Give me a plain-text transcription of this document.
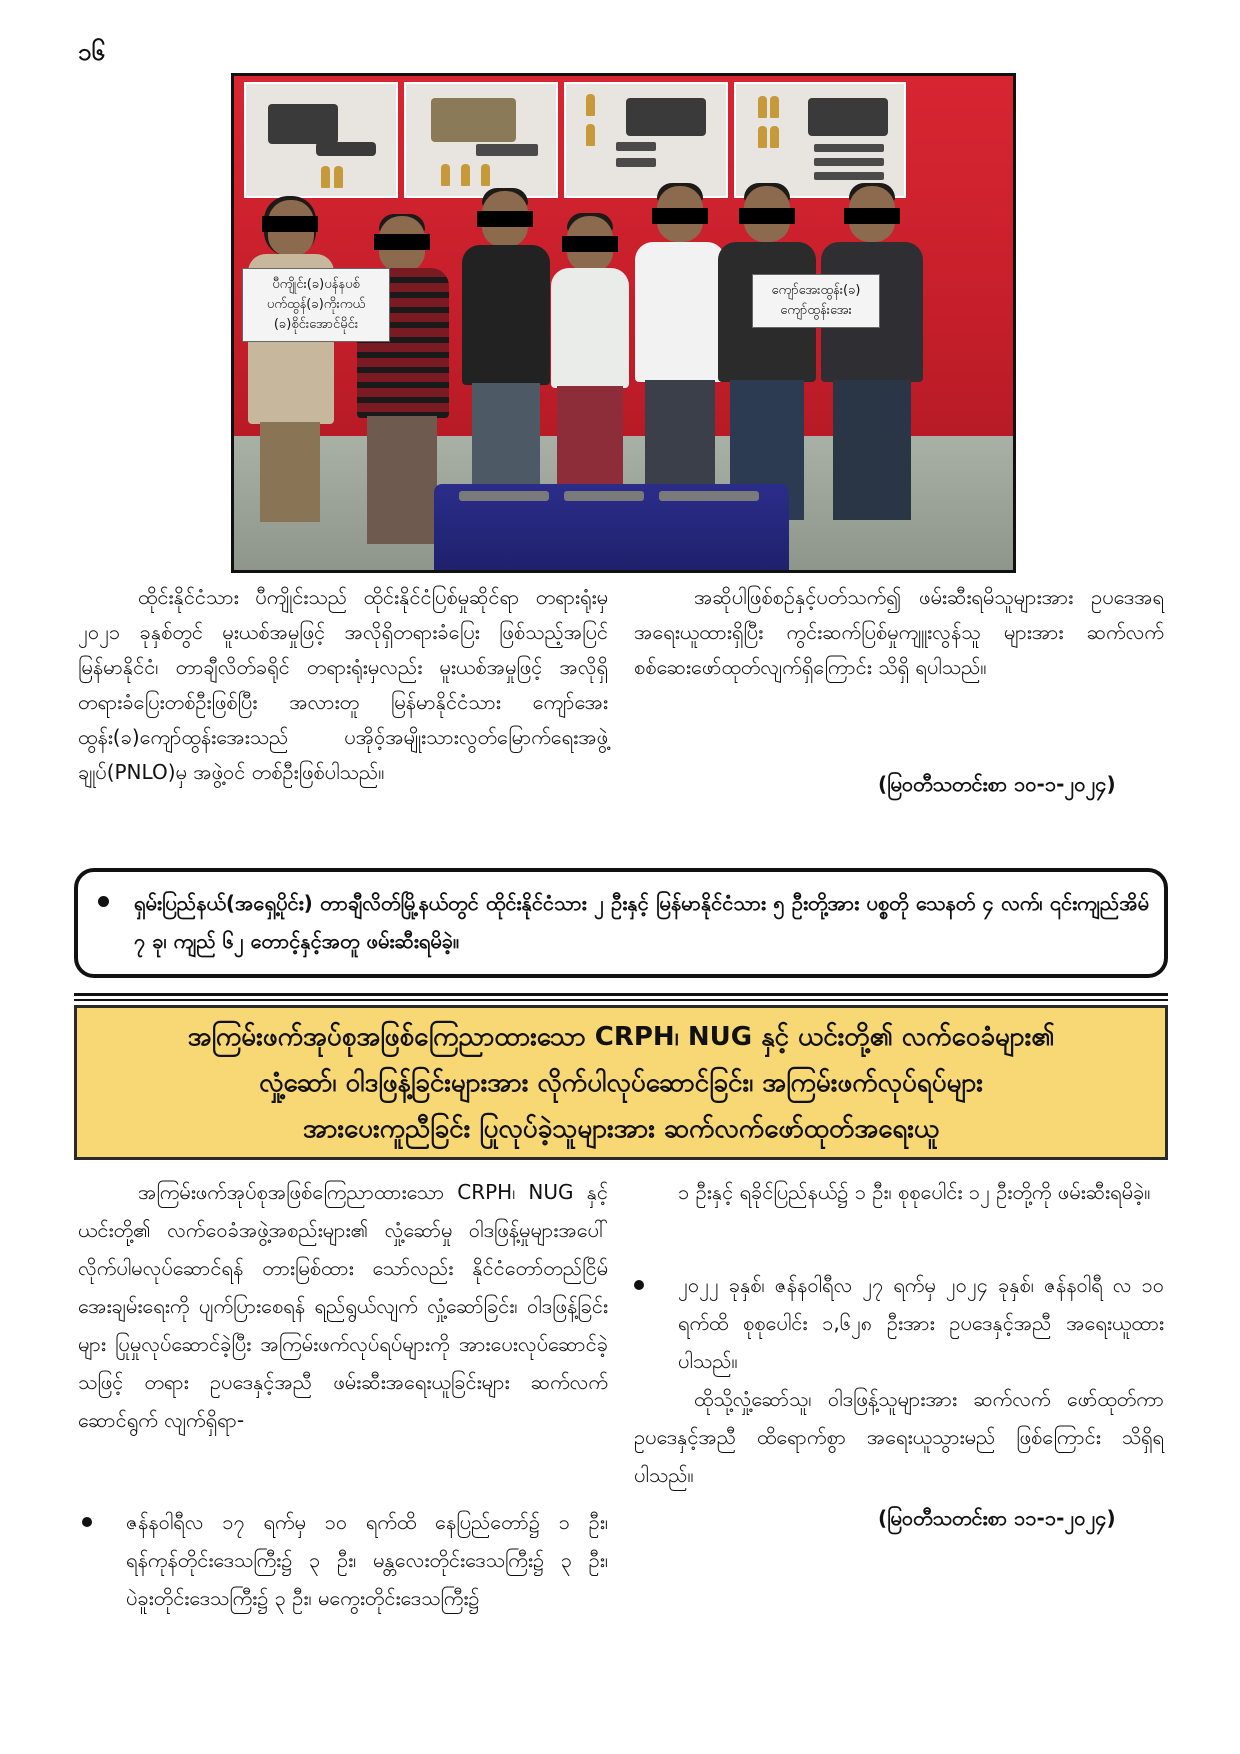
၁၆
ပီကျိုင်း(ခ)ပန်နပစ်
ပက်ထွန်(ခ)ကိုးကယ်
(ခ)စိုင်းအောင်မိုင်း
ကျော်အေးထွန်း(ခ)
ကျော်ထွန်းအေး
ထိုင်းနိုင်ငံသား ပီကျိုင်းသည် ထိုင်းနိုင်ငံပြစ်မှုဆိုင်ရာ တရားရုံးမှ ၂၀၂၁ ခုနှစ်တွင် မူးယစ်အမှုဖြင့် အလိုရှိတရားခံပြေး ဖြစ်သည့်အပြင် မြန်မာနိုင်ငံ၊ တာချီလိတ်ခရိုင် တရားရုံးမှလည်း မူးယစ်အမှုဖြင့် အလိုရှိတရားခံပြေးတစ်ဦးဖြစ်ပြီး အလားတူ မြန်မာနိုင်ငံသား ကျော်အေးထွန်း(ခ)ကျော်ထွန်းအေးသည် ပအိုဝ့်အမျိုးသားလွတ်မြောက်ရေးအဖွဲ့ချုပ်(PNLO)မှ အဖွဲ့ဝင် တစ်ဦးဖြစ်ပါသည်။
အဆိုပါဖြစ်စဉ်နှင့်ပတ်သက်၍ ဖမ်းဆီးရမိသူများအား ဥပဒေအရ အရေးယူထားရှိပြီး ကွင်းဆက်ပြစ်မှုကျူးလွန်သူ များအား ဆက်လက်စစ်ဆေးဖော်ထုတ်လျက်ရှိကြောင်း သိရှိ ရပါသည်။
(မြဝတီသတင်းစာ ၁၀-၁-၂၀၂၄)
ရှမ်းပြည်နယ်(အရှေ့ပိုင်း) တာချီလိတ်မြို့နယ်တွင် ထိုင်းနိုင်ငံသား ၂ ဦးနှင့် မြန်မာနိုင်ငံသား ၅ ဦးတို့အား ပစ္စတို သေနတ် ၄ လက်၊ ၎င်းကျည်အိမ် ၇ ခု၊ ကျည် ၆၂ တောင့်နှင့်အတူ ဖမ်းဆီးရမိခဲ့။
အကြမ်းဖက်အုပ်စုအဖြစ်ကြေညာထားသော CRPH၊ NUG နှင့် ယင်းတို့၏ လက်ဝေခံများ၏
လှုံ့ဆော်၊ ဝါဒဖြန့်ခြင်းများအား လိုက်ပါလုပ်ဆောင်ခြင်း၊ အကြမ်းဖက်လုပ်ရပ်များ
အားပေးကူညီခြင်း ပြုလုပ်ခဲ့သူများအား ဆက်လက်ဖော်ထုတ်အရေးယူ
အကြမ်းဖက်အုပ်စုအဖြစ်ကြေညာထားသော CRPH၊ NUG နှင့် ယင်းတို့၏ လက်ဝေခံအဖွဲ့အစည်းများ၏ လှုံ့ဆော်မှု ဝါဒဖြန့်မှုများအပေါ် လိုက်ပါမလုပ်ဆောင်ရန် တားမြစ်ထား သော်လည်း နိုင်ငံတော်တည်ငြိမ်အေးချမ်းရေးကို ပျက်ပြားစေရန် ရည်ရွယ်လျက် လှုံ့ဆော်ခြင်း၊ ဝါဒဖြန့်ခြင်းများ ပြုမှုလုပ်ဆောင်ခဲ့ပြီး အကြမ်းဖက်လုပ်ရပ်များကို အားပေးလုပ်ဆောင်ခဲ့သဖြင့် တရား ဥပဒေနှင့်အညီ ဖမ်းဆီးအရေးယူခြင်းများ ဆက်လက်ဆောင်ရွက် လျက်ရှိရာ-
ဇန်နဝါရီလ ၁၇ ရက်မှ ၁၀ ရက်ထိ နေပြည်တော်၌ ၁ ဦး၊ ရန်ကုန်တိုင်းဒေသကြီး၌ ၃ ဦး၊ မန္တလေးတိုင်းဒေသကြီး၌ ၃ ဦး၊ ပဲခူးတိုင်းဒေသကြီး၌ ၃ ဦး၊ မကွေးတိုင်းဒေသကြီး၌
၁ ဦးနှင့် ရခိုင်ပြည်နယ်၌ ၁ ဦး၊ စုစုပေါင်း ၁၂ ဦးတို့ကို ဖမ်းဆီးရမိခဲ့။
၂၀၂၂ ခုနှစ်၊ ဇန်နဝါရီလ ၂၇ ရက်မှ ၂၀၂၄ ခုနှစ်၊ ဇန်နဝါရီ လ ၁၀ ရက်ထိ စုစုပေါင်း ၁,၆၂၈ ဦးအား ဥပဒေနှင့်အညီ အရေးယူထားပါသည်။
ထိုသို့လှုံ့ဆော်သူ၊ ဝါဒဖြန့်သူများအား ဆက်လက် ဖော်ထုတ်ကာ ဥပဒေနှင့်အညီ ထိရောက်စွာ အရေးယူသွားမည် ဖြစ်ကြောင်း သိရှိရပါသည်။
(မြဝတီသတင်းစာ ၁၁-၁-၂၀၂၄)
